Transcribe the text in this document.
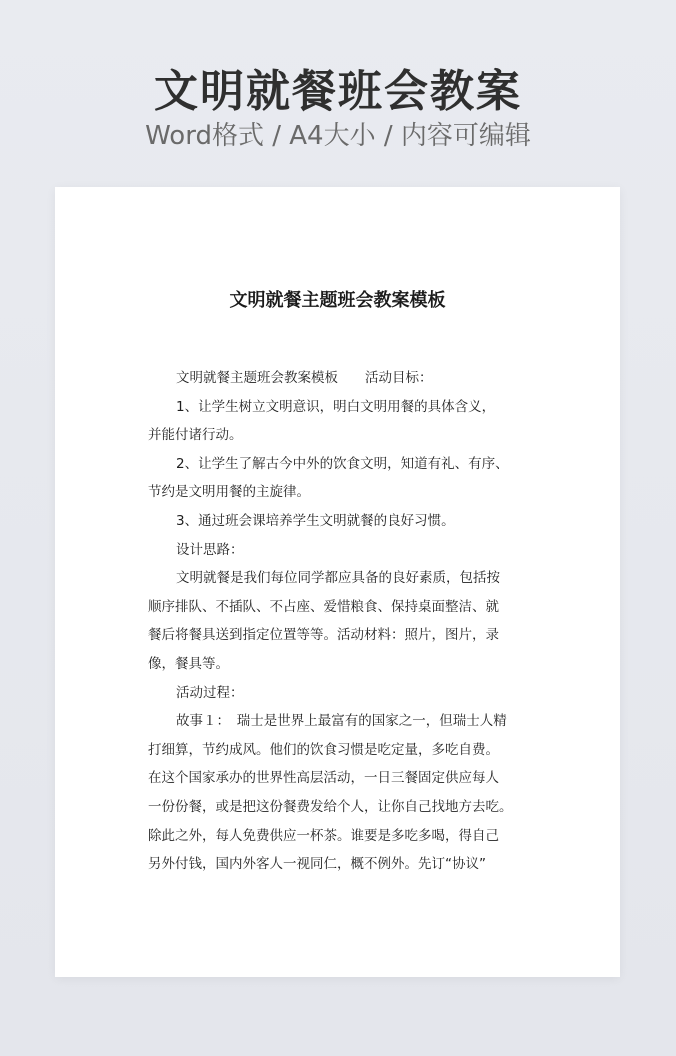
文明就餐班会教案
Word格式 / A4大小 / 内容可编辑
文明就餐主题班会教案模板
文明就餐主题班会教案模板　　活动目标：
1、让学生树立文明意识，明白文明用餐的具体含义，
并能付诸行动。
2、让学生了解古今中外的饮食文明，知道有礼、有序、
节约是文明用餐的主旋律。
3、通过班会课培养学生文明就餐的良好习惯。
设计思路：
文明就餐是我们每位同学都应具备的良好素质，包括按
顺序排队、不插队、不占座、爱惜粮食、保持桌面整洁、就
餐后将餐具送到指定位置等等。活动材料：照片，图片，录
像，餐具等。
活动过程：
故事１：　瑞士是世界上最富有的国家之一，但瑞士人精
打细算，节约成风。他们的饮食习惯是吃定量，多吃自费。
在这个国家承办的世界性高层活动，一日三餐固定供应每人
一份份餐，或是把这份餐费发给个人，让你自己找地方去吃。
除此之外，每人免费供应一杯茶。谁要是多吃多喝，得自己
另外付钱，国内外客人一视同仁，概不例外。先订“协议”
